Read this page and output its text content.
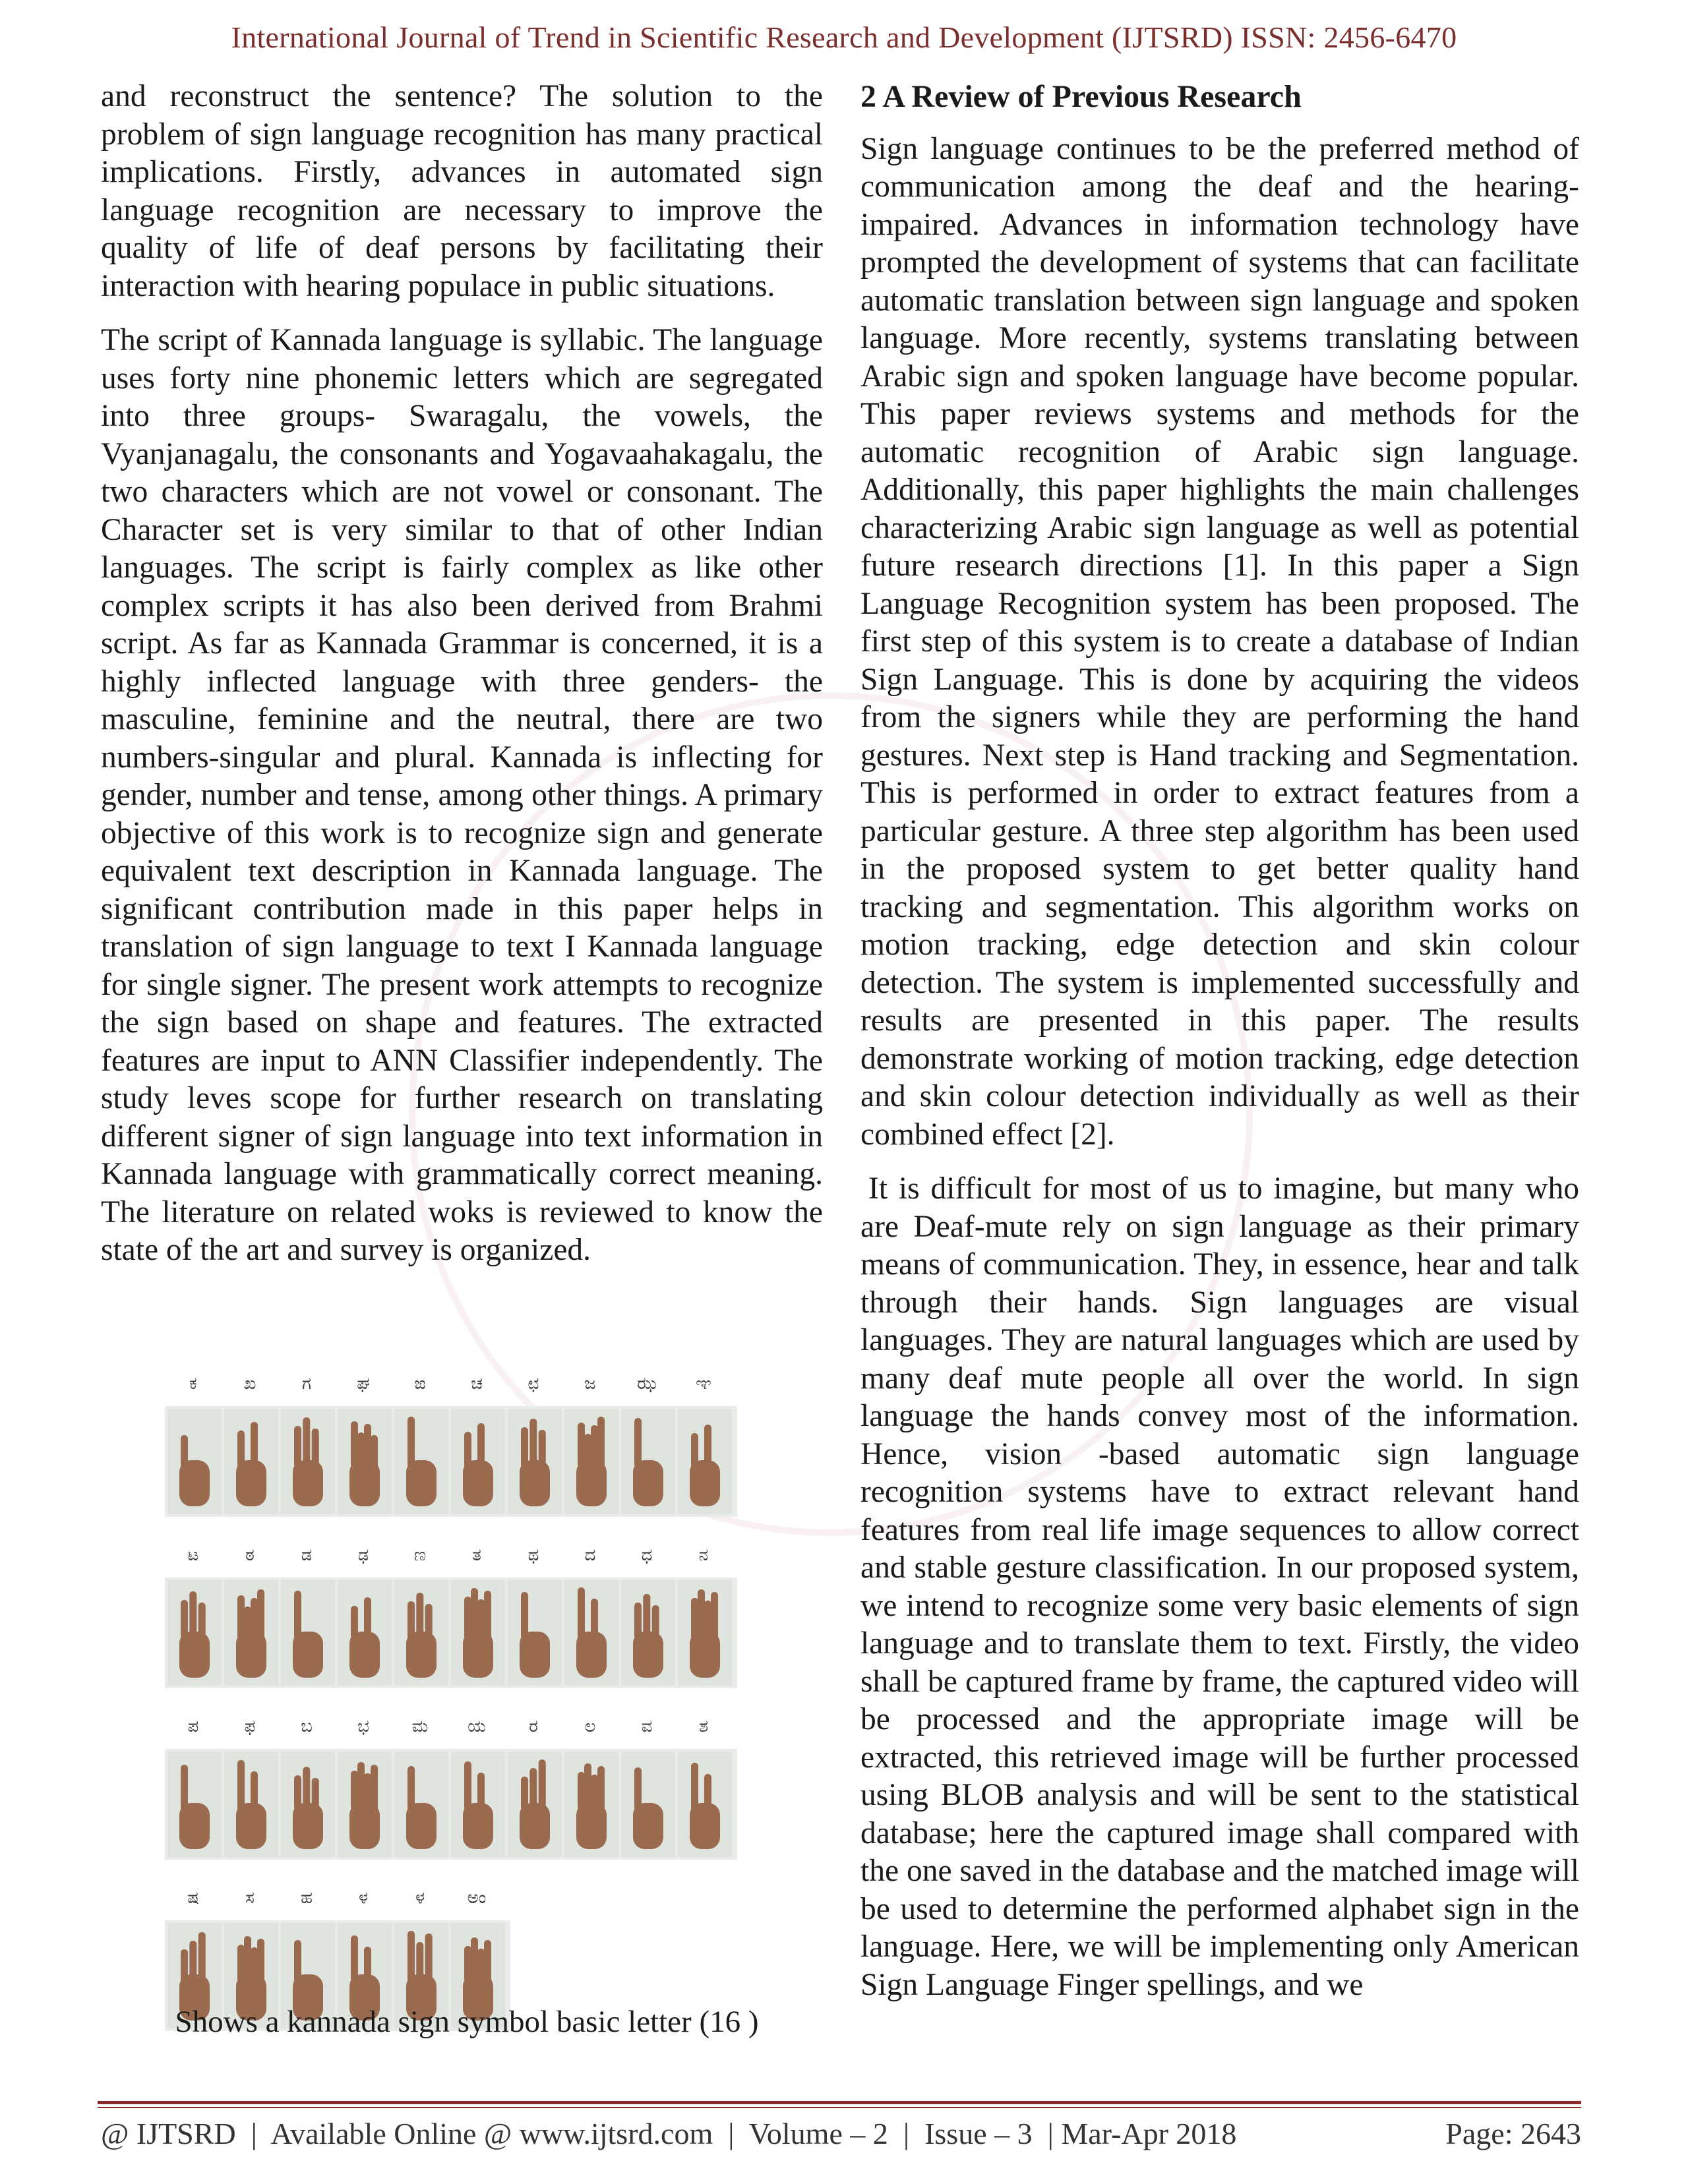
International Journal of Trend in Scientific Research and Development (IJTSRD) ISSN: 2456-6470

and reconstruct the sentence? The solution to the problem of sign language recognition has many practical implications. Firstly, advances in automated sign language recognition are necessary to improve the quality of life of deaf persons by facilitating their interaction with hearing populace in public situations.

The script of Kannada language is syllabic. The language uses forty nine phonemic letters which are segregated into three groups- Swaragalu, the vowels, the Vyanjanagalu, the consonants and Yogavaahakagalu, the two characters which are not vowel or consonant. The Character set is very similar to that of other Indian languages. The script is fairly complex as like other complex scripts it has also been derived from Brahmi script. As far as Kannada Grammar is concerned, it is a highly inflected language with three genders- the masculine, feminine and the neutral, there are two numbers-singular and plural. Kannada is inflecting for gender, number and tense, among other things. A primary objective of this work is to recognize sign and generate equivalent text description in Kannada language. The significant contribution made in this paper helps in translation of sign language to text I Kannada language for single signer. The present work attempts to recognize the sign based on shape and features. The extracted features are input to ANN Classifier independently. The study leves scope for further research on translating different signer of sign language into text information in Kannada language with grammatically correct meaning. The literature on related woks is reviewed to know the state of the art and survey is organized.

ಕ	ಖ	ಗ	ಘ	ಙ	ಚ	ಛ	ಜ	ಝ	ಞ
ಟ	ಠ	ಡ	ಢ	ಣ	ತ	ಥ	ದ	ಧ	ನ
ಪ	ಫ	ಬ	ಭ	ಮ	ಯ	ರ	ಲ	ವ	ಶ
ಷ	ಸ	ಹ	ಳ	ಳ	ಅಂ
Shows a kannada sign symbol basic letter (16 )
2 A Review of Previous Research

Sign language continues to be the preferred method of communication among the deaf and the hearing-impaired. Advances in information technology have prompted the development of systems that can facilitate automatic translation between sign language and spoken language. More recently, systems translating between Arabic sign and spoken language have become popular. This paper reviews systems and methods for the automatic recognition of Arabic sign language. Additionally, this paper highlights the main challenges characterizing Arabic sign language as well as potential future research directions [1]. In this paper a Sign Language Recognition system has been proposed. The first step of this system is to create a database of Indian Sign Language. This is done by acquiring the videos from the signers while they are performing the hand gestures. Next step is Hand tracking and Segmentation. This is performed in order to extract features from a particular gesture. A three step algorithm has been used in the proposed system to get better quality hand tracking and segmentation. This algorithm works on motion tracking, edge detection and skin colour detection. The system is implemented successfully and results are presented in this paper. The results demonstrate working of motion tracking, edge detection and skin colour detection individually as well as their combined effect [2].

It is difficult for most of us to imagine, but many who are Deaf-mute rely on sign language as their primary means of communication. They, in essence, hear and talk through their hands. Sign languages are visual languages. They are natural languages which are used by many deaf mute people all over the world. In sign language the hands convey most of the information. Hence, vision -based automatic sign language recognition systems have to extract relevant hand features from real life image sequences to allow correct and stable gesture classification. In our proposed system, we intend to recognize some very basic elements of sign language and to translate them to text. Firstly, the video shall be captured frame by frame, the captured video will be processed and the appropriate image will be extracted, this retrieved image will be further processed using BLOB analysis and will be sent to the statistical database; here the captured image shall compared with the one saved in the database and the matched image will be used to determine the performed alphabet sign in the language. Here, we will be implementing only American Sign Language Finger spellings, and we

@ IJTSRD  |  Available Online @ www.ijtsrd.com  |  Volume – 2  |  Issue – 3  | Mar-Apr 2018	Page: 2643
